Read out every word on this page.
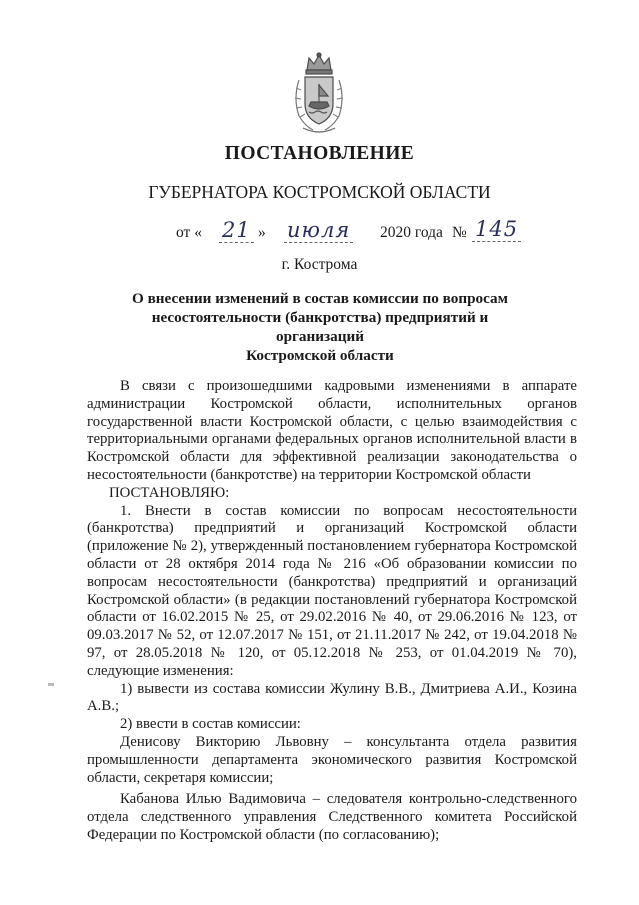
ПОСТАНОВЛЕНИЕ
ГУБЕРНАТОРА КОСТРОМСКОЙ ОБЛАСТИ
от « 21 » июля 2020 года № 145
г. Кострома
О внесении изменений в состав комиссии по вопросам
несостоятельности (банкротства) предприятий и организаций
Костромской области

В связи с произошедшими кадровыми изменениями в аппарате администрации Костромской области, исполнительных органов государственной власти Костромской области, с целью взаимодействия с территориальными органами федеральных органов исполнительной власти в Костромской области для эффективной реализации законодательства о несостоятельности (банкротстве) на территории Костромской области

ПОСТАНОВЛЯЮ:

1. Внести в состав комиссии по вопросам несостоятельности (банкротства) предприятий и организаций Костромской области (приложение № 2), утвержденный постановлением губернатора Костромской области от 28 октября 2014 года № 216 «Об образовании комиссии по вопросам несостоятельности (банкротства) предприятий и организаций Костромской области» (в редакции постановлений губернатора Костромской области от 16.02.2015 № 25, от 29.02.2016 № 40, от 29.06.2016 № 123, от 09.03.2017 № 52, от 12.07.2017 № 151, от 21.11.2017 № 242, от 19.04.2018 № 97, от 28.05.2018 № 120, от 05.12.2018 № 253, от 01.04.2019 № 70), следующие изменения:

1) вывести из состава комиссии Жулину В.В., Дмитриева А.И., Козина А.В.;

2) ввести в состав комиссии:

Денисову Викторию Львовну – консультанта отдела развития промышленности департамента экономического развития Костромской области, секретаря комиссии;

Кабанова Илью Вадимовича – следователя контрольно-следственного отдела следственного управления Следственного комитета Российской Федерации по Костромской области (по согласованию);
